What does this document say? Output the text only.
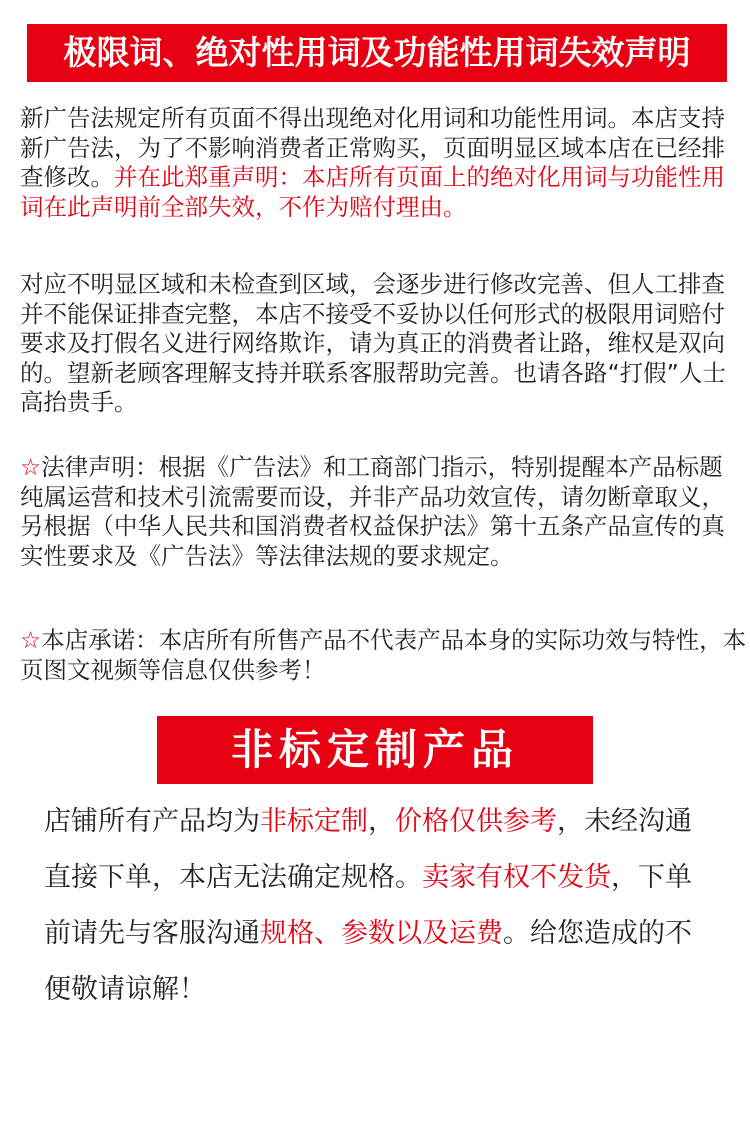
极限词、绝对性用词及功能性用词失效声明
新广告法规定所有页面不得出现绝对化用词和功能性用词。本店支持新广告法，为了不影响消费者正常购买，页面明显区域本店在已经排查修改。并在此郑重声明：本店所有页面上的绝对化用词与功能性用词在此声明前全部失效，不作为赔付理由。
对应不明显区域和未检查到区域，会逐步进行修改完善、但人工排查并不能保证排查完整，本店不接受不妥协以任何形式的极限用词赔付要求及打假名义进行网络欺诈，请为真正的消费者让路，维权是双向的。望新老顾客理解支持并联系客服帮助完善。也请各路“打假”人士高抬贵手。
☆法律声明：根据《广告法》和工商部门指示，特别提醒本产品标题纯属运营和技术引流需要而设，并非产品功效宣传，请勿断章取义，另根据（中华人民共和国消费者权益保护法》第十五条产品宣传的真实性要求及《广告法》等法律法规的要求规定。
☆本店承诺：本店所有所售产品不代表产品本身的实际功效与特性，本页图文视频等信息仅供参考！
非标定制产品
店铺所有产品均为非标定制，价格仅供参考，未经沟通直接下单，本店无法确定规格。卖家有权不发货，下单前请先与客服沟通规格、参数以及运费。给您造成的不便敬请谅解！
